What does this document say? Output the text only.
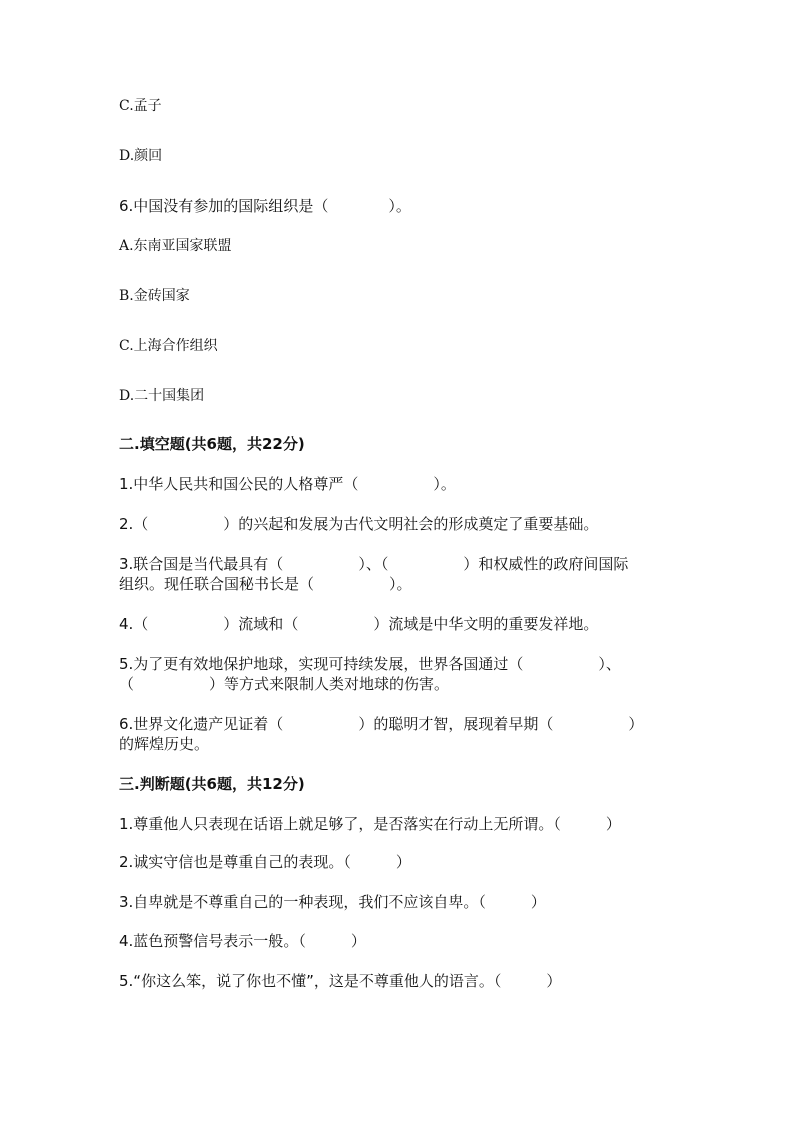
C.孟子
D.颜回
6.中国没有参加的国际组织是（　　　　）。
A.东南亚国家联盟
B.金砖国家
C.上海合作组织
D.二十国集团
二.填空题(共6题，共22分)
1.中华人民共和国公民的人格尊严（　　　　　）。
2.（　　　　　）的兴起和发展为古代文明社会的形成奠定了重要基础。
3.联合国是当代最具有（　　　　　）、（　　　　　）和权威性的政府间国际
组织。现任联合国秘书长是（　　　　　）。
4.（　　　　　）流域和（　　　　　）流域是中华文明的重要发祥地。
5.为了更有效地保护地球，实现可持续发展，世界各国通过（　　　　　）、
（　　　　　）等方式来限制人类对地球的伤害。
6.世界文化遗产见证着（　　　　　）的聪明才智，展现着早期（　　　　　）
的辉煌历史。
三.判断题(共6题，共12分)
1.尊重他人只表现在话语上就足够了，是否落实在行动上无所谓。（　　　）
2.诚实守信也是尊重自己的表现。（　　　）
3.自卑就是不尊重自己的一种表现，我们不应该自卑。（　　　）
4.蓝色预警信号表示一般。（　　　）
5.“你这么笨，说了你也不懂”，这是不尊重他人的语言。（　　　）
